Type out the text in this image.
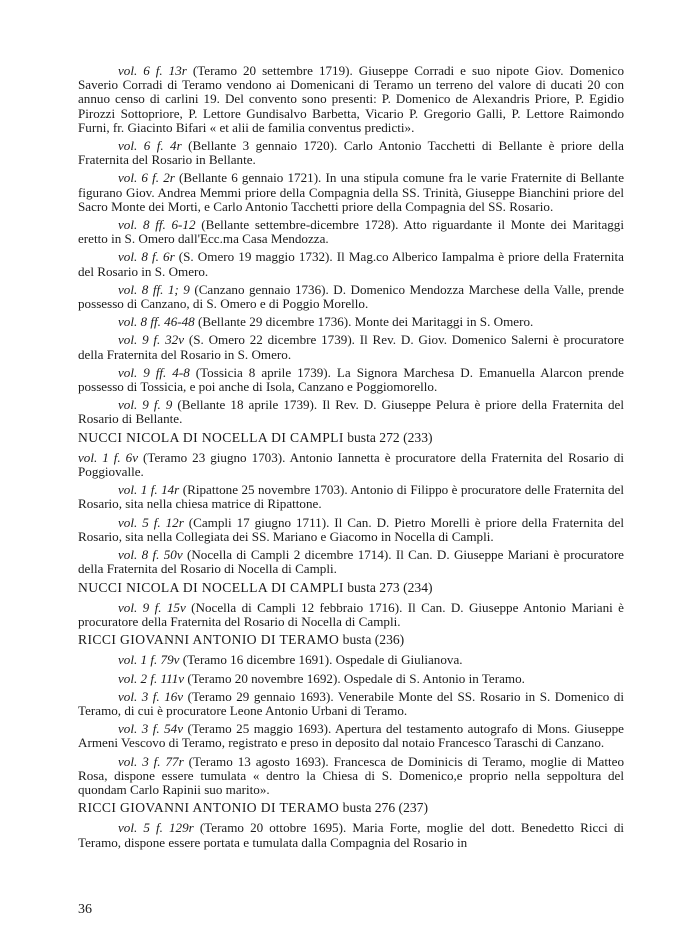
vol. 6 f. 13r (Teramo 20 settembre 1719). Giuseppe Corradi e suo nipote Giov. Domenico Saverio Corradi di Teramo vendono ai Domenicani di Teramo un terreno del valore di ducati 20 con annuo censo di carlini 19. Del convento sono presenti: P. Domenico de Alexandris Priore, P. Egidio Pirozzi Sottopriore, P. Lettore Gundisalvo Barbetta, Vicario P. Gregorio Galli, P. Lettore Raimondo Furni, fr. Giacinto Bifari « et alii de familia conventus predicti».

vol. 6 f. 4r (Bellante 3 gennaio 1720). Carlo Antonio Tacchetti di Bellante è priore della Fraternita del Rosario in Bellante.

vol. 6 f. 2r (Bellante 6 gennaio 1721). In una stipula comune fra le varie Fraternite di Bellante figurano Giov. Andrea Memmi priore della Compagnia della SS. Trinità, Giuseppe Bianchini priore del Sacro Monte dei Morti, e Carlo Antonio Tacchetti priore della Compagnia del SS. Rosario.

vol. 8 ff. 6-12 (Bellante settembre-dicembre 1728). Atto riguardante il Monte dei Maritaggi eretto in S. Omero dall'Ecc.ma Casa Mendozza.

vol. 8 f. 6r (S. Omero 19 maggio 1732). Il Mag.co Alberico Iampalma è priore della Fraternita del Rosario in S. Omero.

vol. 8 ff. 1; 9 (Canzano gennaio 1736). D. Domenico Mendozza Marchese della Valle, prende possesso di Canzano, di S. Omero e di Poggio Morello.

vol. 8 ff. 46-48 (Bellante 29 dicembre 1736). Monte dei Maritaggi in S. Omero.

vol. 9 f. 32v (S. Omero 22 dicembre 1739). Il Rev. D. Giov. Domenico Salerni è procuratore della Fraternita del Rosario in S. Omero.

vol. 9 ff. 4-8 (Tossicia 8 aprile 1739). La Signora Marchesa D. Emanuella Alarcon prende possesso di Tossicia, e poi anche di Isola, Canzano e Poggiomorello.

vol. 9 f. 9 (Bellante 18 aprile 1739). Il Rev. D. Giuseppe Pelura è priore della Fraternita del Rosario di Bellante.

NUCCI NICOLA DI NOCELLA DI CAMPLI busta 272 (233)

vol. 1 f. 6v (Teramo 23 giugno 1703). Antonio Iannetta è procuratore della Fraternita del Rosario di Poggiovalle.

vol. 1 f. 14r (Ripattone 25 novembre 1703). Antonio di Filippo è procuratore delle Fraternita del Rosario, sita nella chiesa matrice di Ripattone.

vol. 5 f. 12r (Campli 17 giugno 1711). Il Can. D. Pietro Morelli è priore della Fraternita del Rosario, sita nella Collegiata dei SS. Mariano e Giacomo in Nocella di Campli.

vol. 8 f. 50v (Nocella di Campli 2 dicembre 1714). Il Can. D. Giuseppe Mariani è procuratore della Fraternita del Rosario di Nocella di Campli.

NUCCI NICOLA DI NOCELLA DI CAMPLI busta 273 (234)

vol. 9 f. 15v (Nocella di Campli 12 febbraio 1716). Il Can. D. Giuseppe Antonio Mariani è procuratore della Fraternita del Rosario di Nocella di Campli.

RICCI GIOVANNI ANTONIO DI TERAMO busta (236)

vol. 1 f. 79v (Teramo 16 dicembre 1691). Ospedale di Giulianova.

vol. 2 f. 111v (Teramo 20 novembre 1692). Ospedale di S. Antonio in Teramo.

vol. 3 f. 16v (Teramo 29 gennaio 1693). Venerabile Monte del SS. Rosario in S. Domenico di Teramo, di cui è procuratore Leone Antonio Urbani di Teramo.

vol. 3 f. 54v (Teramo 25 maggio 1693). Apertura del testamento autografo di Mons. Giuseppe Armeni Vescovo di Teramo, registrato e preso in deposito dal notaio Francesco Taraschi di Canzano.

vol. 3 f. 77r (Teramo 13 agosto 1693). Francesca de Dominicis di Teramo, moglie di Matteo Rosa, dispone essere tumulata « dentro la Chiesa di S. Domenico,e proprio nella seppoltura del quondam Carlo Rapinii suo marito».

RICCI GIOVANNI ANTONIO DI TERAMO busta 276 (237)

vol. 5 f. 129r (Teramo 20 ottobre 1695). Maria Forte, moglie del dott. Benedetto Ricci di Teramo, dispone essere portata e tumulata dalla Compagnia del Rosario in

36
